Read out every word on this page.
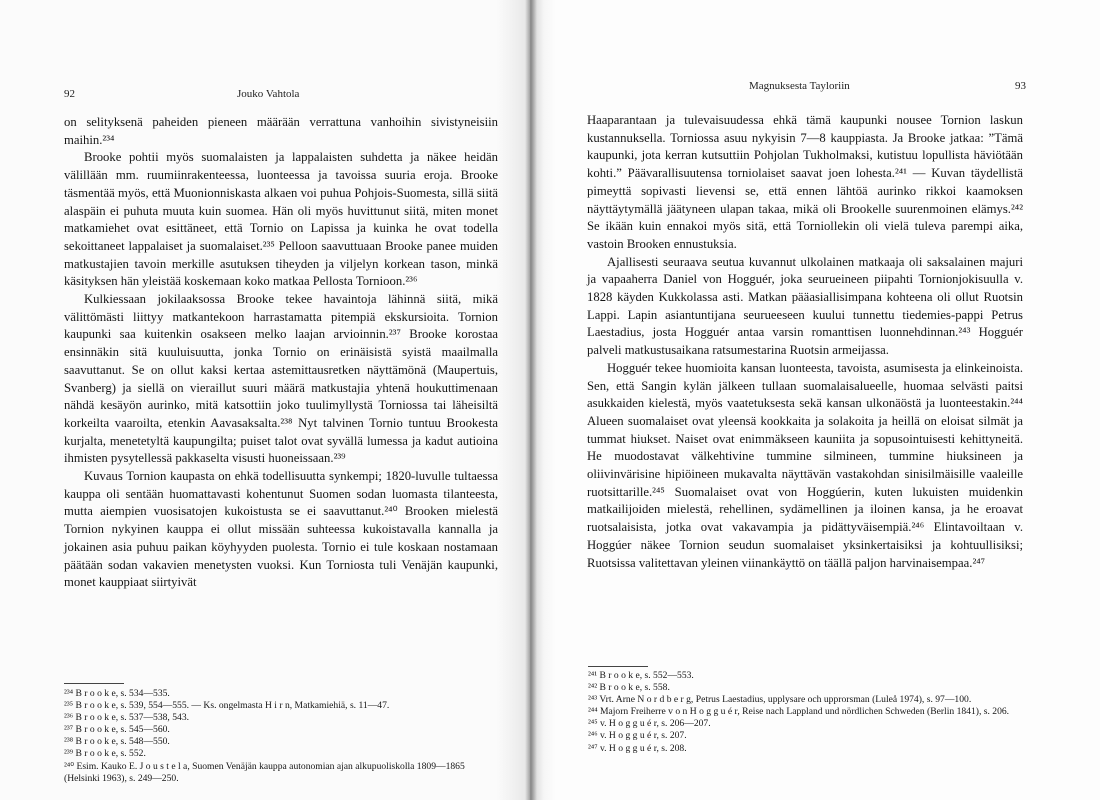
92	Jouko Vahtola

on selityksenä paheiden pieneen määrään verrattuna vanhoihin sivistyneisiin maihin.²³⁴

Brooke pohtii myös suomalaisten ja lappalaisten suhdetta ja näkee heidän välillään mm. ruumiinrakenteessa, luonteessa ja tavoissa suuria eroja. Brooke täsmentää myös, että Muonionniskasta alkaen voi puhua Pohjois-Suomesta, sillä siitä alaspäin ei puhuta muuta kuin suomea. Hän oli myös huvittunut siitä, miten monet matkamiehet ovat esittäneet, että Tornio on Lapissa ja kuinka he ovat todella sekoittaneet lappalaiset ja suomalaiset.²³⁵ Pelloon saavuttuaan Brooke panee muiden matkustajien tavoin merkille asutuksen tiheyden ja viljelyn korkean tason, minkä käsityksen hän yleistää koskemaan koko matkaa Pellosta Tornioon.²³⁶

Kulkiessaan jokilaaksossa Brooke tekee havaintoja lähinnä siitä, mikä välittömästi liittyy matkantekoon harrastamatta pitempiä ekskursioita. Tornion kaupunki saa kuitenkin osakseen melko laajan arvioinnin.²³⁷ Brooke korostaa ensinnäkin sitä kuuluisuutta, jonka Tornio on erinäisistä syistä maailmalla saavuttanut. Se on ollut kaksi kertaa astemittausretken näyttämönä (Maupertuis, Svanberg) ja siellä on vieraillut suuri määrä matkustajia yhtenä houkuttimenaan nähdä kesäyön aurinko, mitä katsottiin joko tuulimyllystä Torniossa tai läheisiltä korkeilta vaaroilta, etenkin Aavasaksalta.²³⁸ Nyt talvinen Tornio tuntuu Brookesta kurjalta, menetetyltä kaupungilta; puiset talot ovat syvällä lumessa ja kadut autioina ihmisten pysytellessä pakkaselta visusti huoneissaan.²³⁹

Kuvaus Tornion kaupasta on ehkä todellisuutta synkempi; 1820-luvulle tultaessa kauppa oli sentään huomattavasti kohentunut Suomen sodan luomasta tilanteesta, mutta aiempien vuosisatojen kukoistusta se ei saavuttanut.²⁴⁰ Brooken mielestä Tornion nykyinen kauppa ei ollut missään suhteessa kukoistavalla kannalla ja jokainen asia puhuu paikan köyhyyden puolesta. Tornio ei tule koskaan nostamaan päätään sodan vakavien menetysten vuoksi. Kun Torniosta tuli Venäjän kaupunki, monet kauppiaat siirtyivät

²³⁴ B r o o k e, s. 534—535.
²³⁵ B r o o k e, s. 539, 554—555. — Ks. ongelmasta H i r n, Matkamiehiä, s. 11—47.
²³⁶ B r o o k e, s. 537—538, 543.
²³⁷ B r o o k e, s. 545—560.
²³⁸ B r o o k e, s. 548—550.
²³⁹ B r o o k e, s. 552.
²⁴⁰ Esim. Kauko E. J o u s t e l a, Suomen Venäjän kauppa autonomian ajan alkupuoliskolla 1809—1865 (Helsinki 1963), s. 249—250.
Magnuksesta Tayloriin	93

Haaparantaan ja tulevaisuudessa ehkä tämä kaupunki nousee Tornion laskun kustannuksella. Torniossa asuu nykyisin 7—8 kauppiasta. Ja Brooke jatkaa: ”Tämä kaupunki, jota kerran kutsuttiin Pohjolan Tukholmaksi, kutistuu lopullista häviötään kohti.” Päävarallisuutensa torniolaiset saavat joen lohesta.²⁴¹ — Kuvan täydellistä pimeyttä sopivasti lievensi se, että ennen lähtöä aurinko rikkoi kaamoksen näyttäytymällä jäätyneen ulapan takaa, mikä oli Brookelle suurenmoinen elämys.²⁴² Se ikään kuin ennakoi myös sitä, että Torniollekin oli vielä tuleva parempi aika, vastoin Brooken ennustuksia.

Ajallisesti seuraava seutua kuvannut ulkolainen matkaaja oli saksalainen majuri ja vapaaherra Daniel von Hogguér, joka seurueineen piipahti Tornionjokisuulla v. 1828 käyden Kukkolassa asti. Matkan pääasiallisimpana kohteena oli ollut Ruotsin Lappi. Lapin asiantuntijana seurueeseen kuului tunnettu tiedemies-pappi Petrus Laestadius, josta Hogguér antaa varsin romanttisen luonnehdinnan.²⁴³ Hogguér palveli matkustusaikana ratsumestarina Ruotsin armeijassa.

Hogguér tekee huomioita kansan luonteesta, tavoista, asumisesta ja elinkeinoista. Sen, että Sangin kylän jälkeen tullaan suomalaisalueelle, huomaa selvästi paitsi asukkaiden kielestä, myös vaatetuksesta sekä kansan ulkonäöstä ja luonteestakin.²⁴⁴ Alueen suomalaiset ovat yleensä kookkaita ja solakoita ja heillä on eloisat silmät ja tummat hiukset. Naiset ovat enimmäkseen kauniita ja sopusointuisesti kehittyneitä. He muodostavat välkehtivine tummine silmineen, tummine hiuksineen ja oliivinvärisine hipiöineen mukavalta näyttävän vastakohdan sinisilmäisille vaaleille ruotsittarille.²⁴⁵ Suomalaiset ovat von Hoggúerin, kuten lukuisten muidenkin matkailijoiden mielestä, rehellinen, sydämellinen ja iloinen kansa, ja he eroavat ruotsalaisista, jotka ovat vakavampia ja pidättyväisempiä.²⁴⁶ Elintavoiltaan v. Hoggúer näkee Tornion seudun suomalaiset yksinkertaisiksi ja kohtuullisiksi; Ruotsissa valitettavan yleinen viinankäyttö on täällä paljon harvinaisempaa.²⁴⁷

²⁴¹ B r o o k e, s. 552—553.
²⁴² B r o o k e, s. 558.
²⁴³ Vrt. Arne N o r d b e r g, Petrus Laestadius, upplysare och upprorsman (Luleå 1974), s. 97—100.
²⁴⁴ Majorn Freiherre v o n H o g g u é r, Reise nach Lappland und nördlichen Schweden (Berlin 1841), s. 206.
²⁴⁵ v. H o g g u é r, s. 206—207.
²⁴⁶ v. H o g g u é r, s. 207.
²⁴⁷ v. H o g g u é r, s. 208.
